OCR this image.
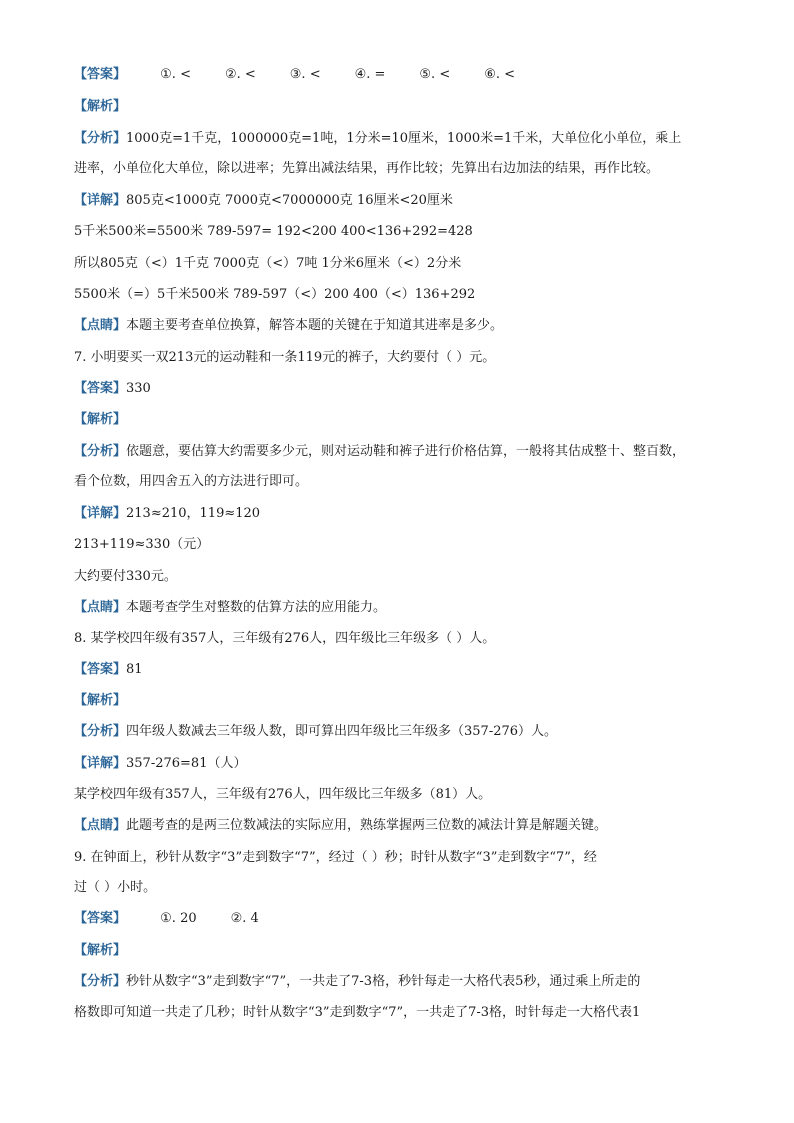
【答案】	①. <	②. <	③. <	④. =	⑤. <	⑥. <
【解析】
【分析】1000克=1千克，1000000克=1吨，1分米=10厘米，1000米=1千米，大单位化小单位，乘上
进率，小单位化大单位，除以进率；先算出减法结果，再作比较；先算出右边加法的结果，再作比较。
【详解】805克<1000克 7000克<7000000克 16厘米<20厘米
5千米500米=5500米 789-597= 192<200 400<136+292=428
所以805克（<）1千克 7000克（<）7吨 1分米6厘米（<）2分米
5500米（=）5千米500米 789-597（<）200 400（<）136+292
【点睛】本题主要考查单位换算，解答本题的关键在于知道其进率是多少。
7. 小明要买一双213元的运动鞋和一条119元的裤子，大约要付（ ）元。
【答案】330
【解析】
【分析】依题意，要估算大约需要多少元，则对运动鞋和裤子进行价格估算，一般将其估成整十、整百数，
看个位数，用四舍五入的方法进行即可。
【详解】213≈210，119≈120
213+119≈330（元）
大约要付330元。
【点睛】本题考查学生对整数的估算方法的应用能力。
8. 某学校四年级有357人，三年级有276人，四年级比三年级多（ ）人。
【答案】81
【解析】
【分析】四年级人数减去三年级人数，即可算出四年级比三年级多（357-276）人。
【详解】357-276=81（人）
某学校四年级有357人，三年级有276人，四年级比三年级多（81）人。
【点睛】此题考查的是两三位数减法的实际应用，熟练掌握两三位数的减法计算是解题关键。
9. 在钟面上，秒针从数字“3”走到数字“7”，经过（ ）秒；时针从数字“3”走到数字“7”，经
过（ ）小时。
【答案】	①. 20	②. 4
【解析】
【分析】秒针从数字“3”走到数字“7”，一共走了7-3格，秒针每走一大格代表5秒，通过乘上所走的
格数即可知道一共走了几秒；时针从数字“3”走到数字“7”，一共走了7-3格，时针每走一大格代表1
